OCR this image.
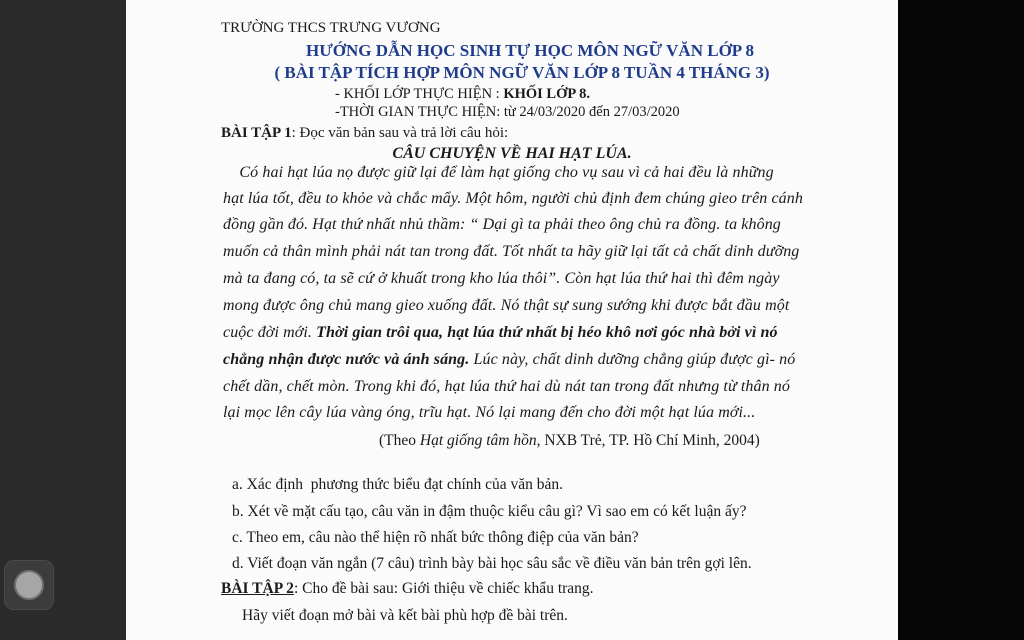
TRƯỜNG THCS TRƯNG VƯƠNG
HƯỚNG DẪN HỌC SINH TỰ HỌC MÔN NGỮ VĂN LỚP 8
( BÀI TẬP TÍCH HỢP MÔN NGỮ VĂN LỚP 8 TUẦN 4 THÁNG 3)
- KHỐI LỚP THỰC HIỆN : KHỐI LỚP 8.
-THỜI GIAN THỰC HIỆN: từ 24/03/2020 đến 27/03/2020
BÀI TẬP 1: Đọc văn bản sau và trả lời câu hỏi:
CÂU CHUYỆN VỀ HAI HẠT LÚA.
Có hai hạt lúa nọ được giữ lại để làm hạt giống cho vụ sau vì cả hai đều là những
hạt lúa tốt, đều to khỏe và chắc mẩy. Một hôm, người chủ định đem chúng gieo trên cánh
đồng gần đó. Hạt thứ nhất nhủ thầm: “ Dại gì ta phải theo ông chủ ra đồng. ta không
muốn cả thân mình phải nát tan trong đất. Tốt nhất ta hãy giữ lại tất cả chất dinh dưỡng
mà ta đang có, ta sẽ cứ ở khuất trong kho lúa thôi”. Còn hạt lúa thứ hai thì đêm ngày
mong được ông chủ mang gieo xuống đất. Nó thật sự sung sướng khi được bắt đầu một
cuộc đời mới. Thời gian trôi qua, hạt lúa thứ nhất bị héo khô nơi góc nhà bởi vì nó
chẳng nhận được nước và ánh sáng. Lúc này, chất dinh dưỡng chẳng giúp được gì- nó
chết dần, chết mòn. Trong khi đó, hạt lúa thứ hai dù nát tan trong đất nhưng từ thân nó
lại mọc lên cây lúa vàng óng, trĩu hạt. Nó lại mang đến cho đời một hạt lúa mới...
(Theo Hạt giống tâm hồn, NXB Trẻ, TP. Hồ Chí Minh, 2004)
a. Xác định  phương thức biểu đạt chính của văn bản.
b. Xét về mặt cấu tạo, câu văn in đậm thuộc kiểu câu gì? Vì sao em có kết luận ấy?
c. Theo em, câu nào thể hiện rõ nhất bức thông điệp của văn bản?
d. Viết đoạn văn ngắn (7 câu) trình bày bài học sâu sắc về điều văn bản trên gợi lên.
BÀI TẬP 2: Cho đề bài sau: Giới thiệu về chiếc khẩu trang.
Hãy viết đoạn mở bài và kết bài phù hợp đề bài trên.
